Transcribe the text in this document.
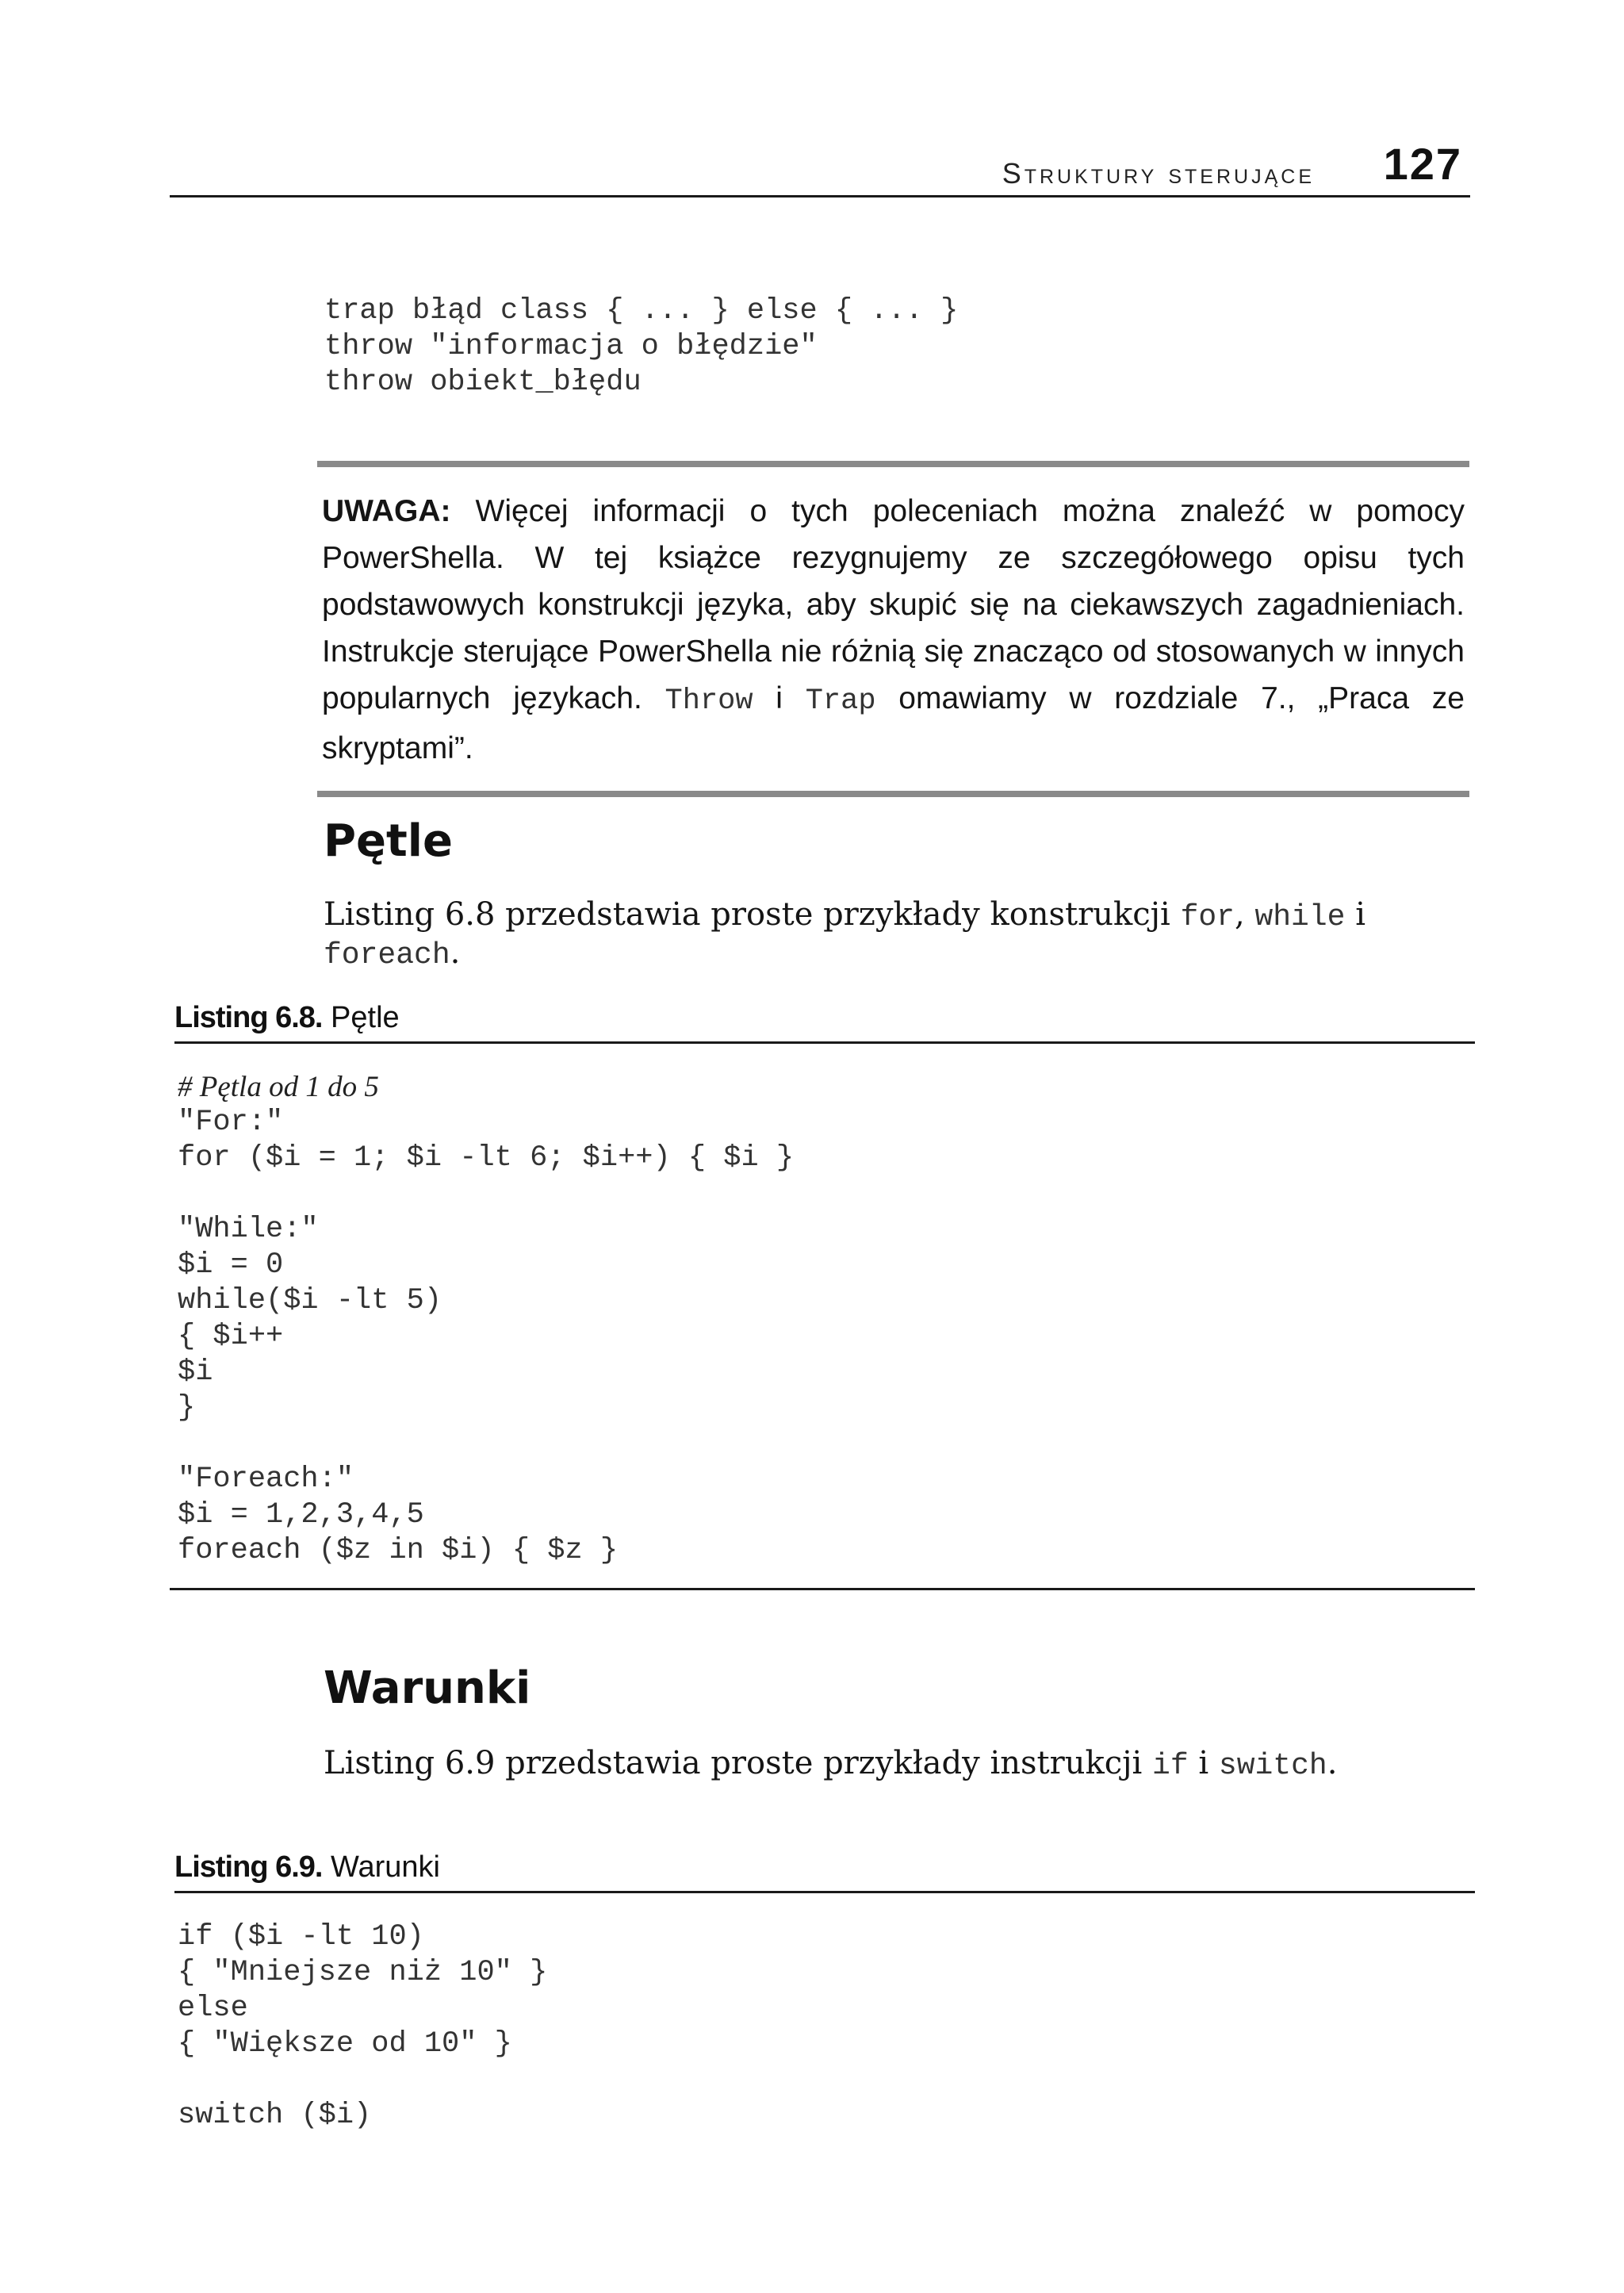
Struktury sterujące 127
trap błąd class { ... } else { ... }
throw "informacja o błędzie"
throw obiekt_błędu
UWAGA: Więcej informacji o tych poleceniach można znaleźć w pomocy PowerShella. W tej książce rezygnujemy ze szczegółowego opisu tych podstawowych konstrukcji języka, aby skupić się na ciekawszych zagadnieniach. Instrukcje sterujące PowerShella nie różnią się znacząco od stosowanych w innych popularnych językach. Throw i Trap omawiamy w rozdziale 7., „Praca ze skryptami”.
Pętle
Listing 6.8 przedstawia proste przykłady konstrukcji for, while i foreach.
Listing 6.8. Pętle
# Pętla od 1 do 5
"For:"
for ($i = 1; $i -lt 6; $i++) { $i }
"While:"
$i = 0
while($i -lt 5)
{ $i++
$i
}
"Foreach:"
$i = 1,2,3,4,5
foreach ($z in $i) { $z }
Warunki
Listing 6.9 przedstawia proste przykłady instrukcji if i switch.
Listing 6.9. Warunki
if ($i -lt 10)
{ "Mniejsze niż 10" }
else
{ "Większe od 10" }
switch ($i)
